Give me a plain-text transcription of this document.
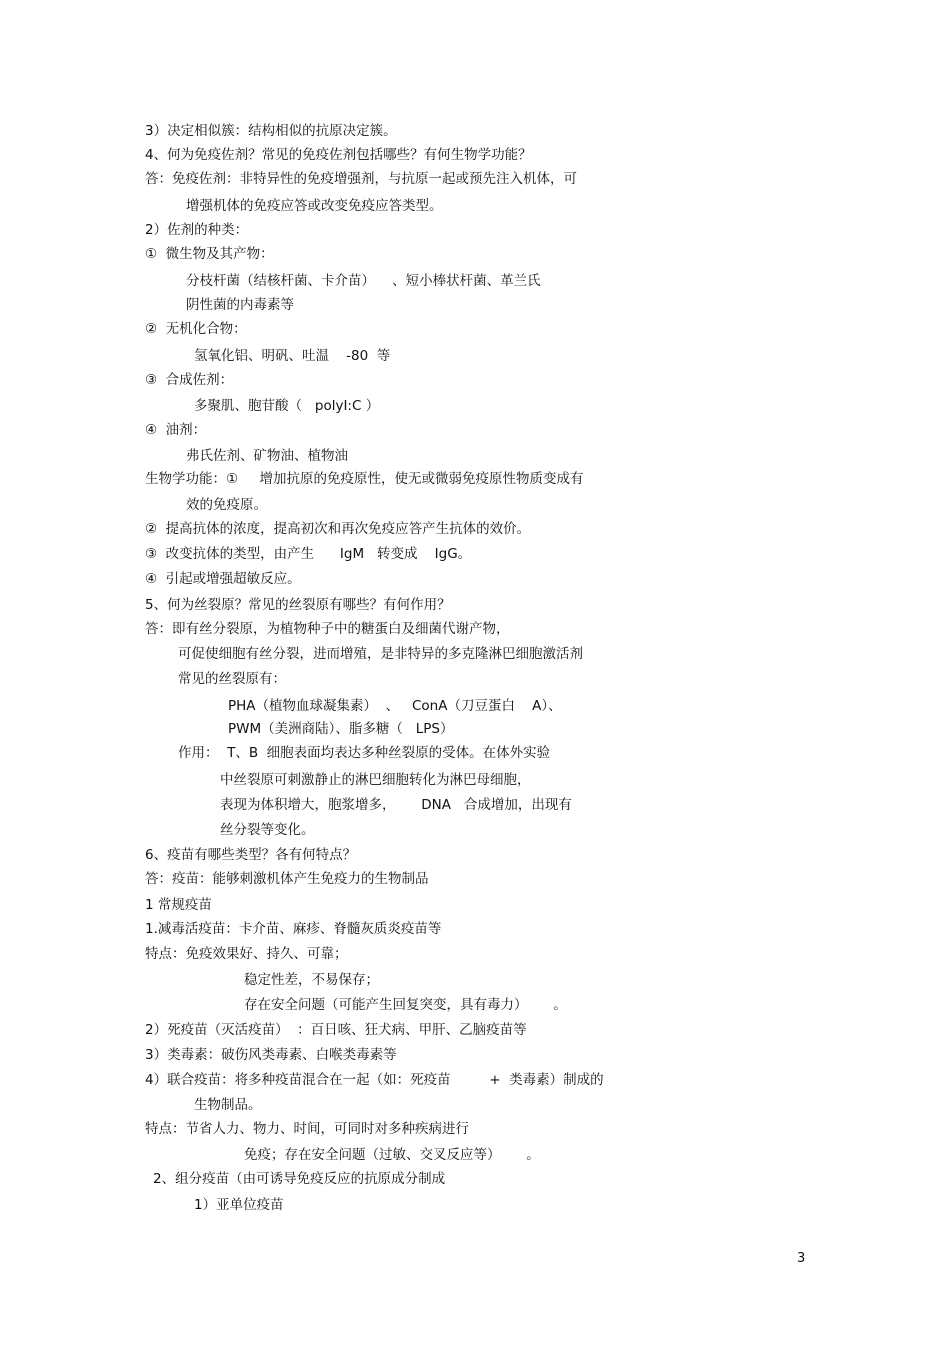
3）决定相似簇：结构相似的抗原决定簇。
4、何为免疫佐剂？常见的免疫佐剂包括哪些？有何生物学功能？
答：免疫佐剂：非特异性的免疫增强剂，与抗原一起或预先注入机体，可
增强机体的免疫应答或改变免疫应答类型。
2）佐剂的种类：
①  微生物及其产物：
分枝杆菌（结核杆菌、卡介苗）    、短小棒状杆菌、革兰氏
阴性菌的内毒素等
②  无机化合物：
氢氧化铝、明矾、吐温    -80  等
③  合成佐剂：
多聚肌、胞苷酸（   polyI:C ）
④  油剂：
弗氏佐剂、矿物油、植物油
生物学功能：①     增加抗原的免疫原性，使无或微弱免疫原性物质变成有
效的免疫原。
②  提高抗体的浓度，提高初次和再次免疫应答产生抗体的效价。
③  改变抗体的类型，由产生      IgM   转变成    IgG。
④  引起或增强超敏反应。
5、何为丝裂原？常见的丝裂原有哪些？有何作用？
答：即有丝分裂原，为植物种子中的糖蛋白及细菌代谢产物，
可促使细胞有丝分裂，进而增殖，是非特异的多克隆淋巴细胞激活剂
常见的丝裂原有：
PHA（植物血球凝集素）  、   ConA（刀豆蛋白    A）、
PWM（美洲商陆）、脂多糖（   LPS）
作用：  T、B  细胞表面均表达多种丝裂原的受体。在体外实验
中丝裂原可刺激静止的淋巴细胞转化为淋巴母细胞，
表现为体积增大，胞浆增多，      DNA   合成增加，出现有
丝分裂等变化。
6、疫苗有哪些类型？各有何特点？
答：疫苗：能够刺激机体产生免疫力的生物制品
1 常规疫苗
1.减毒活疫苗：卡介苗、麻疹、脊髓灰质炎疫苗等
特点：免疫效果好、持久、可靠；
稳定性差，不易保存；
存在安全问题（可能产生回复突变，具有毒力）      。
2）死疫苗（灭活疫苗）  ：百日咳、狂犬病、甲肝、乙脑疫苗等
3）类毒素：破伤风类毒素、白喉类毒素等
4）联合疫苗：将多种疫苗混合在一起（如：死疫苗         +  类毒素）制成的
生物制品。
特点：节省人力、物力、时间，可同时对多种疾病进行
免疫；存在安全问题（过敏、交叉反应等）      。
2、组分疫苗（由可诱导免疫反应的抗原成分制成
1）亚单位疫苗
3
